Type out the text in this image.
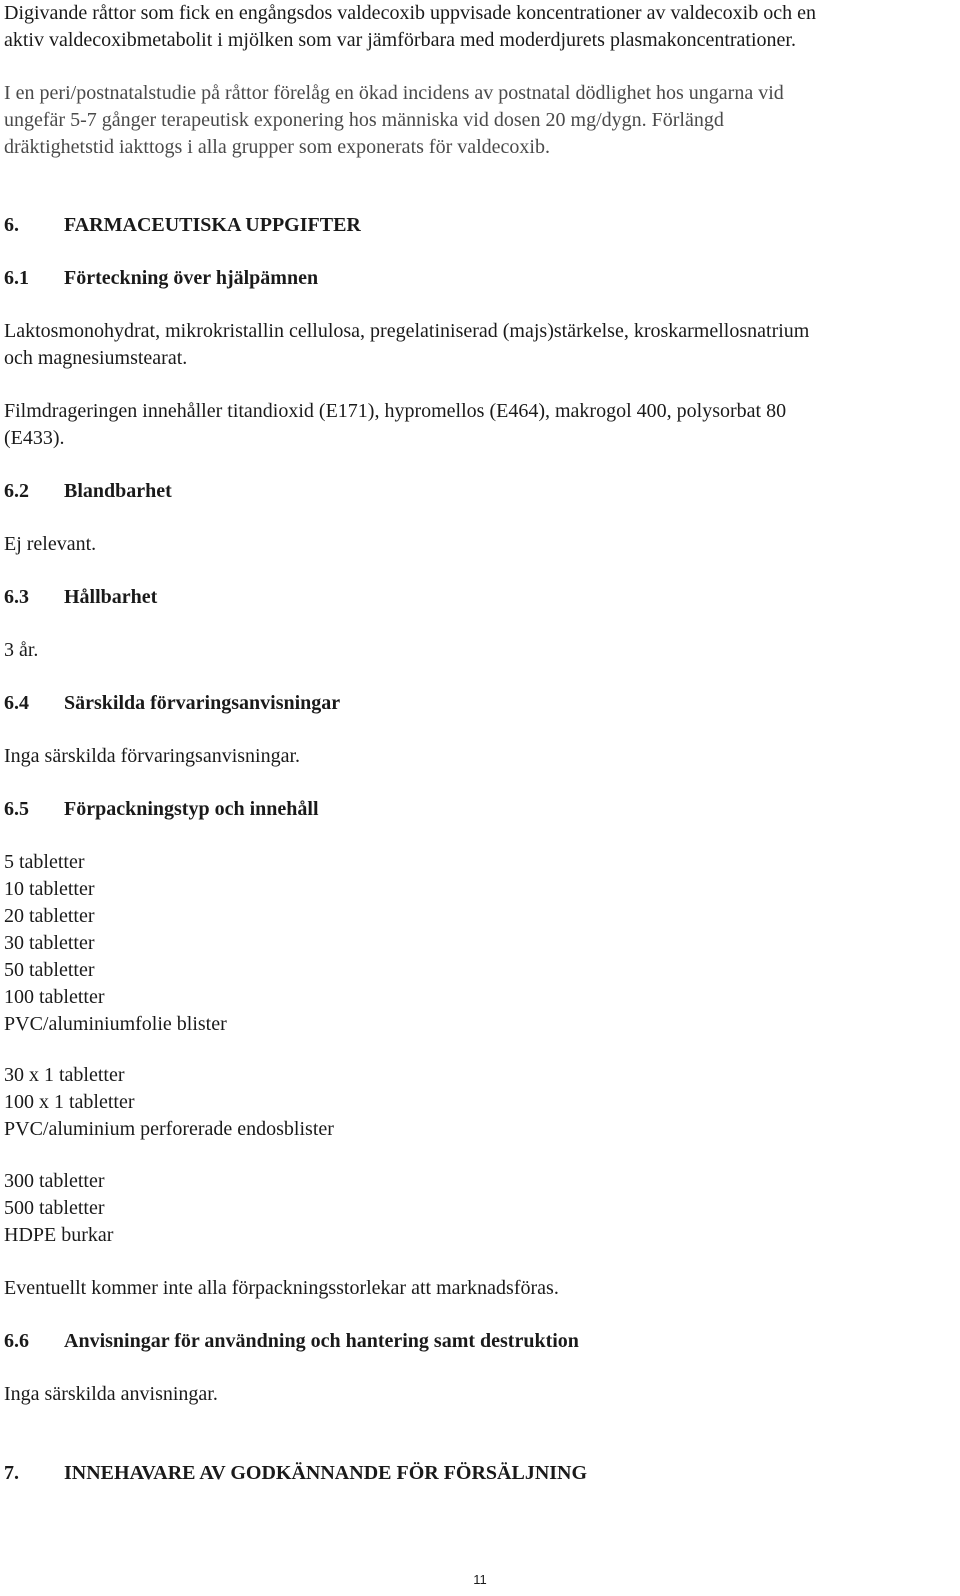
Digivande råttor som fick en engångsdos valdecoxib uppvisade koncentrationer av valdecoxib och en
aktiv valdecoxibmetabolit i mjölken som var jämförbara med moderdjurets plasmakoncentrationer.
I en peri/postnatalstudie på råttor förelåg en ökad incidens av postnatal dödlighet hos ungarna vid
ungefär 5-7 gånger terapeutisk exponering hos människa vid dosen 20 mg/dygn. Förlängd
dräktighetstid iakttogs i alla grupper som exponerats för valdecoxib.
6. FARMACEUTISKA UPPGIFTER
6.1 Förteckning över hjälpämnen
Laktosmonohydrat, mikrokristallin cellulosa, pregelatiniserad (majs)stärkelse, kroskarmellosnatrium
och magnesiumstearat.
Filmdrageringen innehåller titandioxid (E171), hypromellos (E464), makrogol 400, polysorbat 80
(E433).
6.2 Blandbarhet
Ej relevant.
6.3 Hållbarhet
3 år.
6.4 Särskilda förvaringsanvisningar
Inga särskilda förvaringsanvisningar.
6.5 Förpackningstyp och innehåll
5 tabletter
10 tabletter
20 tabletter
30 tabletter
50 tabletter
100 tabletter
PVC/aluminiumfolie blister
30 x 1 tabletter
100 x 1 tabletter
PVC/aluminium perforerade endosblister
300 tabletter
500 tabletter
HDPE burkar
Eventuellt kommer inte alla förpackningsstorlekar att marknadsföras.
6.6 Anvisningar för användning och hantering samt destruktion
Inga särskilda anvisningar.
7. INNEHAVARE AV GODKÄNNANDE FÖR FÖRSÄLJNING
11
